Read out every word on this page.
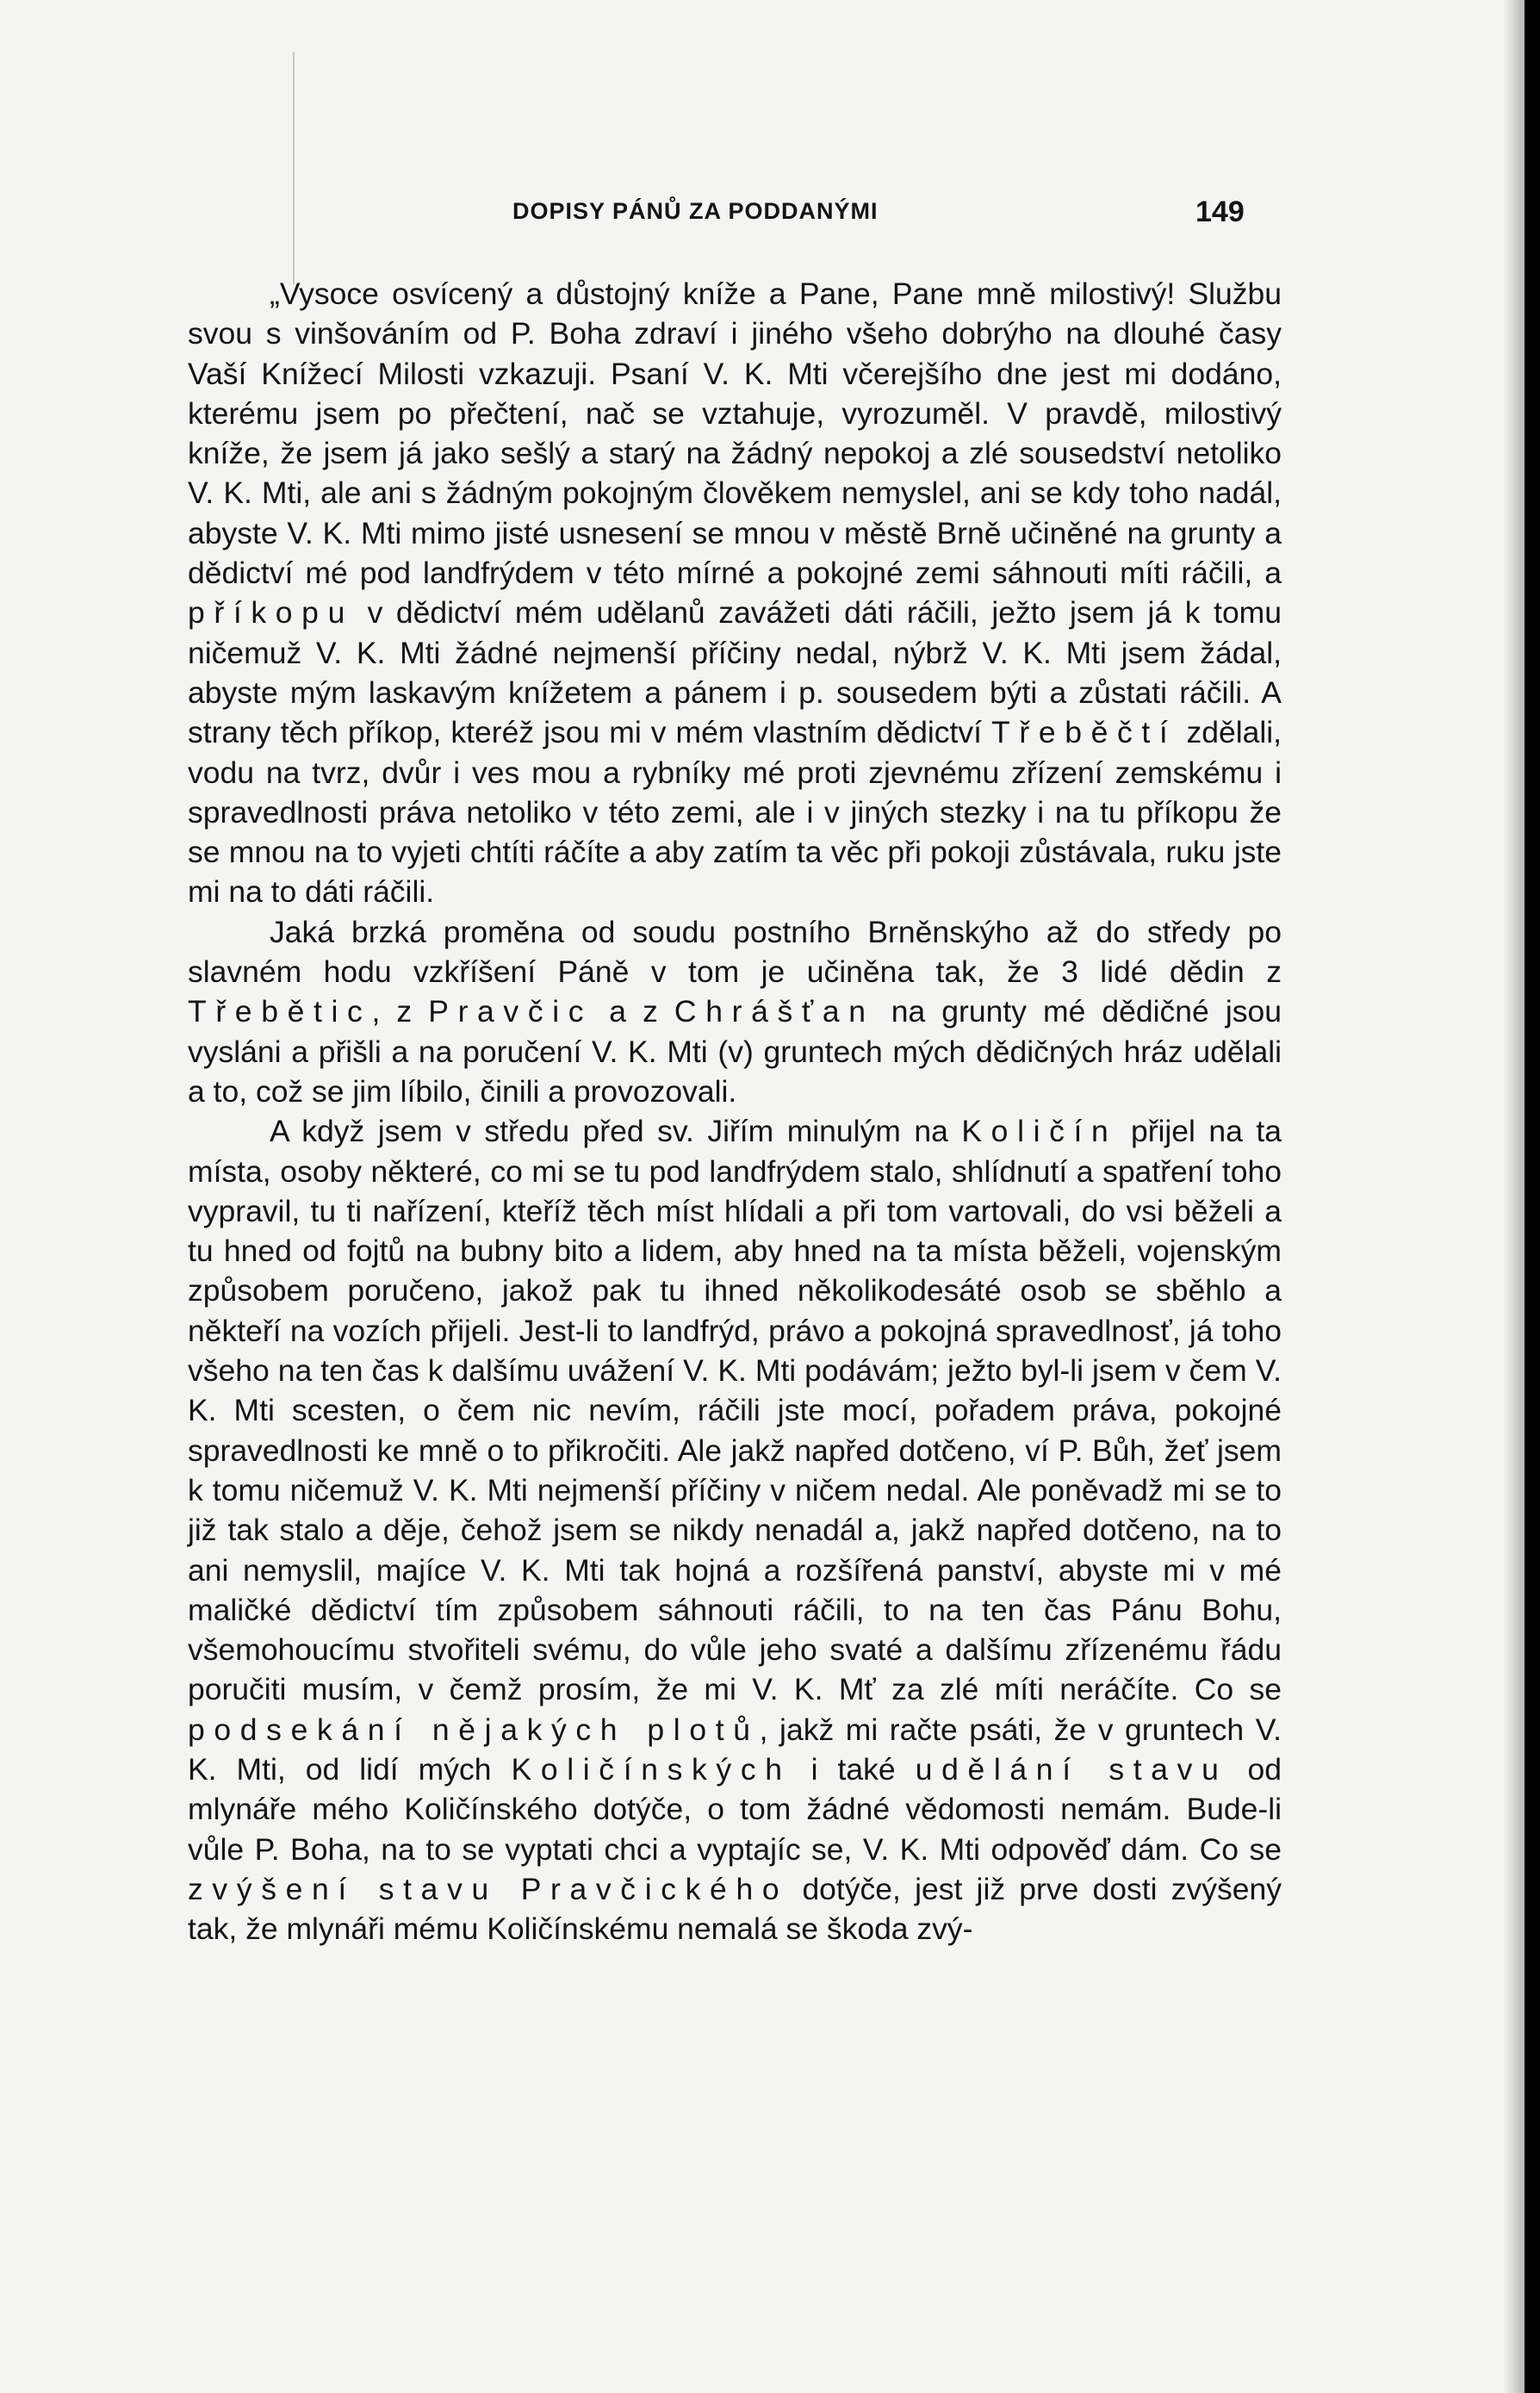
DOPISY PÁNŮ ZA PODDANÝMI	149

„Vysoce osvícený a důstojný kníže a Pane, Pane mně milostivý! Službu svou s vinšováním od P. Boha zdraví i jiného všeho dobrýho na dlouhé časy Vaší Knížecí Milosti vzkazuji. Psaní V. K. Mti včerejšího dne jest mi dodáno, kterému jsem po přečtení, nač se vztahuje, vyrozuměl. V pravdě, milostivý kníže, že jsem já jako sešlý a starý na žádný nepokoj a zlé sousedství netoliko V. K. Mti, ale ani s žádným pokojným člověkem nemyslel, ani se kdy toho nadál, abyste V. K. Mti mimo jisté usnesení se mnou v městě Brně učiněné na grunty a dědictví mé pod landfrýdem v této mírné a pokojné zemi sáhnouti míti ráčili, a příkopu v dědictví mém udělanů zavážeti dáti ráčili, ježto jsem já k tomu ničemuž V. K. Mti žádné nejmenší příčiny nedal, nýbrž V. K. Mti jsem žádal, abyste mým laskavým knížetem a pánem i p. sousedem býti a zůstati ráčili. A strany těch příkop, kteréž jsou mi v mém vlastním dědictví Třeběčtí zdělali, vodu na tvrz, dvůr i ves mou a rybníky mé proti zjevnému zřízení zemskému i spravedlnosti práva netoliko v této zemi, ale i v jiných stezky i na tu příkopu že se mnou na to vyjeti chtíti ráčíte a aby zatím ta věc při pokoji zůstávala, ruku jste mi na to dáti ráčili.

Jaká brzká proměna od soudu postního Brněnskýho až do středy po slavném hodu vzkříšení Páně v tom je učiněna tak, že 3 lidé dědin z Třebětic, z Pravčic a z Chrášťan na grunty mé dědičné jsou vysláni a přišli a na poručení V. K. Mti (v) gruntech mých dědičných hráz udělali a to, což se jim líbilo, činili a provozovali.

A když jsem v středu před sv. Jiřím minulým na Količín přijel na ta místa, osoby některé, co mi se tu pod landfrýdem stalo, shlídnutí a spatření toho vypravil, tu ti nařízení, kteříž těch míst hlídali a při tom vartovali, do vsi běželi a tu hned od fojtů na bubny bito a lidem, aby hned na ta místa běželi, vojenským způsobem poručeno, jakož pak tu ihned několikodesáté osob se sběhlo a někteří na vozích přijeli. Jest-li to landfrýd, právo a pokojná spravedlnosť, já toho všeho na ten čas k dalšímu uvážení V. K. Mti podávám; ježto byl-li jsem v čem V. K. Mti scesten, o čem nic nevím, ráčili jste mocí, pořadem práva, pokojné spravedlnosti ke mně o to přikročiti. Ale jakž napřed dotčeno, ví P. Bůh, žeť jsem k tomu ničemuž V. K. Mti nejmenší příčiny v ničem nedal. Ale poněvadž mi se to již tak stalo a děje, čehož jsem se nikdy nenadál a, jakž napřed dotčeno, na to ani nemyslil, majíce V. K. Mti tak hojná a rozšířená panství, abyste mi v mé maličké dědictví tím způsobem sáhnouti ráčili, to na ten čas Pánu Bohu, všemohoucímu stvořiteli svému, do vůle jeho svaté a dalšímu zřízenému řádu poručiti musím, v čemž prosím, že mi V. K. Mť za zlé míti neráčíte. Co se podsekání nějakých plotů, jakž mi račte psáti, že v gruntech V. K. Mti, od lidí mých Količínských i také udělání stavu od mlynáře mého Količínského dotýče, o tom žádné vědomosti nemám. Bude-li vůle P. Boha, na to se vyptati chci a vyptajíc se, V. K. Mti odpověď dám. Co se zvýšení stavu Pravčického dotýče, jest již prve dosti zvýšený tak, že mlynáři mému Količínskému nemalá se škoda zvý-
